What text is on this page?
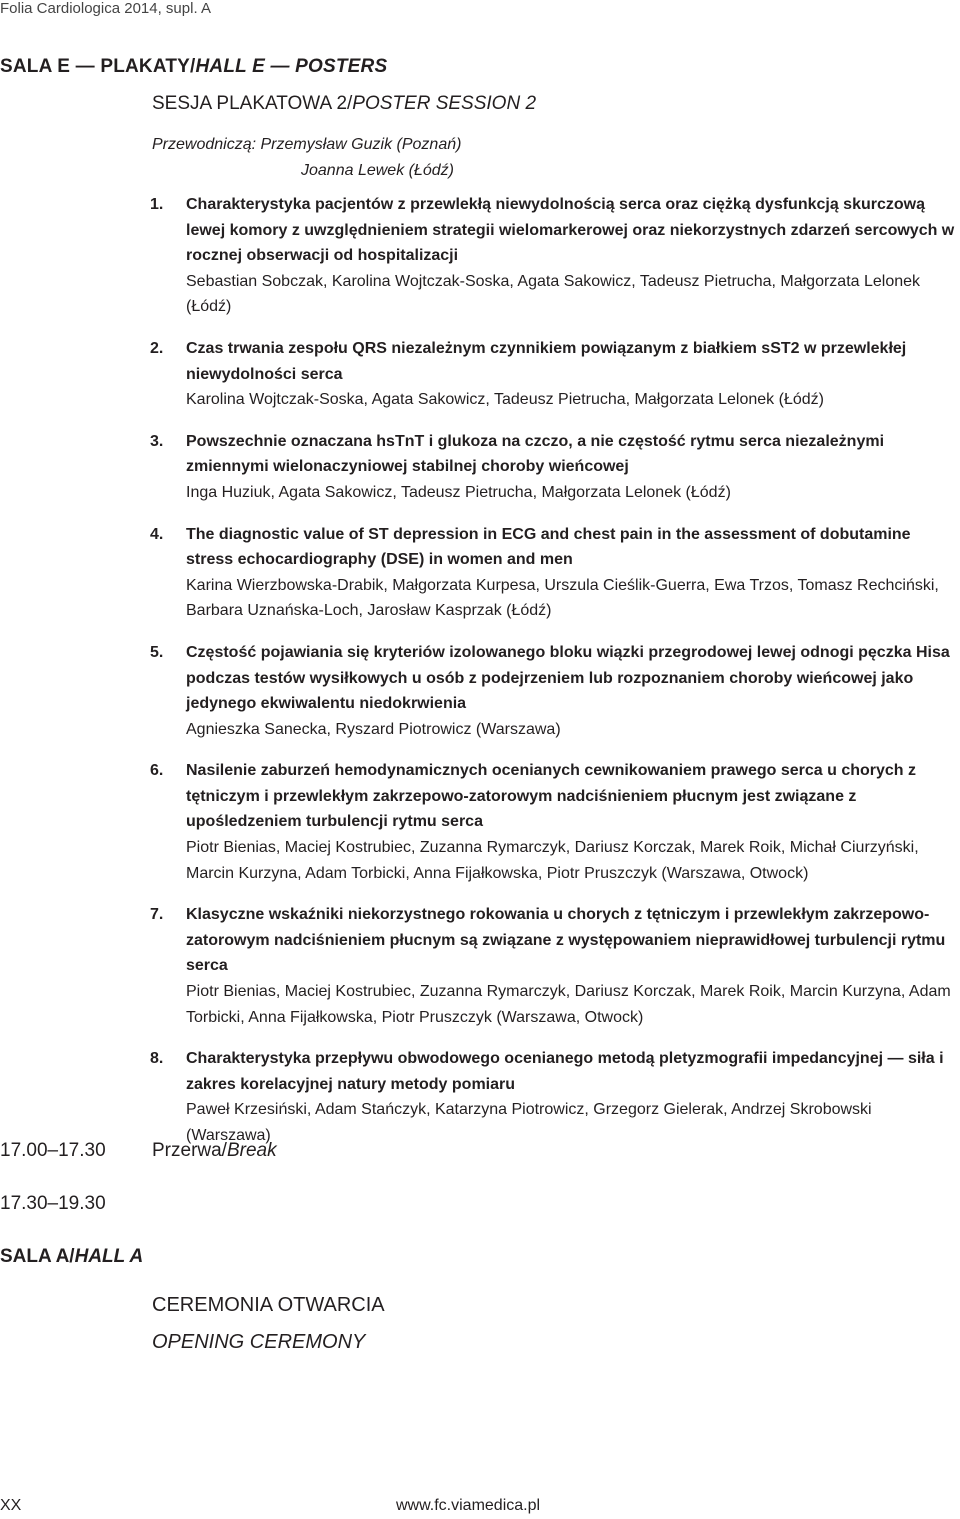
Folia Cardiologica 2014, supl. A
SALA E — PLAKATY/HALL E — POSTERS
SESJA PLAKATOWA 2/POSTER SESSION 2
Przewodniczą: Przemysław Guzik (Poznań)
Joanna Lewek (Łódź)
1. Charakterystyka pacjentów z przewlekłą niewydolnością serca oraz ciężką dysfunkcją skurczową lewej komory z uwzględnieniem strategii wielomarkerowej oraz niekorzystnych zdarzeń sercowych w rocznej obserwacji od hospitalizacji
Sebastian Sobczak, Karolina Wojtczak-Soska, Agata Sakowicz, Tadeusz Pietrucha, Małgorzata Lelonek (Łódź)
2. Czas trwania zespołu QRS niezależnym czynnikiem powiązanym z białkiem sST2 w przewlekłej niewydolności serca
Karolina Wojtczak-Soska, Agata Sakowicz, Tadeusz Pietrucha, Małgorzata Lelonek (Łódź)
3. Powszechnie oznaczana hsTnT i glukoza na czczo, a nie częstość rytmu serca niezależnymi zmiennymi wielonaczyniowej stabilnej choroby wieńcowej
Inga Huziuk, Agata Sakowicz, Tadeusz Pietrucha, Małgorzata Lelonek (Łódź)
4. The diagnostic value of ST depression in ECG and chest pain in the assessment of dobutamine stress echocardiography (DSE) in women and men
Karina Wierzbowska-Drabik, Małgorzata Kurpesa, Urszula Cieślik-Guerra, Ewa Trzos, Tomasz Rechciński, Barbara Uznańska-Loch, Jarosław Kasprzak (Łódź)
5. Częstość pojawiania się kryteriów izolowanego bloku wiązki przegrodowej lewej odnogi pęczka Hisa podczas testów wysiłkowych u osób z podejrzeniem lub rozpoznaniem choroby wieńcowej jako jedynego ekwiwalentu niedokrwienia
Agnieszka Sanecka, Ryszard Piotrowicz (Warszawa)
6. Nasilenie zaburzeń hemodynamicznych ocenianych cewnikowaniem prawego serca u chorych z tętniczym i przewlekłym zakrzepowo-zatorowym nadciśnieniem płucnym jest związane z upośledzeniem turbulencji rytmu serca
Piotr Bienias, Maciej Kostrubiec, Zuzanna Rymarczyk, Dariusz Korczak, Marek Roik, Michał Ciurzyński, Marcin Kurzyna, Adam Torbicki, Anna Fijałkowska, Piotr Pruszczyk (Warszawa, Otwock)
7. Klasyczne wskaźniki niekorzystnego rokowania u chorych z tętniczym i przewlekłym zakrzepowo-zatorowym nadciśnieniem płucnym są związane z występowaniem nieprawidłowej turbulencji rytmu serca
Piotr Bienias, Maciej Kostrubiec, Zuzanna Rymarczyk, Dariusz Korczak, Marek Roik, Marcin Kurzyna, Adam Torbicki, Anna Fijałkowska, Piotr Pruszczyk (Warszawa, Otwock)
8. Charakterystyka przepływu obwodowego ocenianego metodą pletyzmografii impedancyjnej — siła i zakres korelacyjnej natury metody pomiaru
Paweł Krzesiński, Adam Stańczyk, Katarzyna Piotrowicz, Grzegorz Gielerak, Andrzej Skrobowski (Warszawa)
17.00–17.30 Przerwa/Break
17.30–19.30
SALA A/HALL A
CEREMONIA OTWARCIA
OPENING CEREMONY
XX	www.fc.viamedica.pl
